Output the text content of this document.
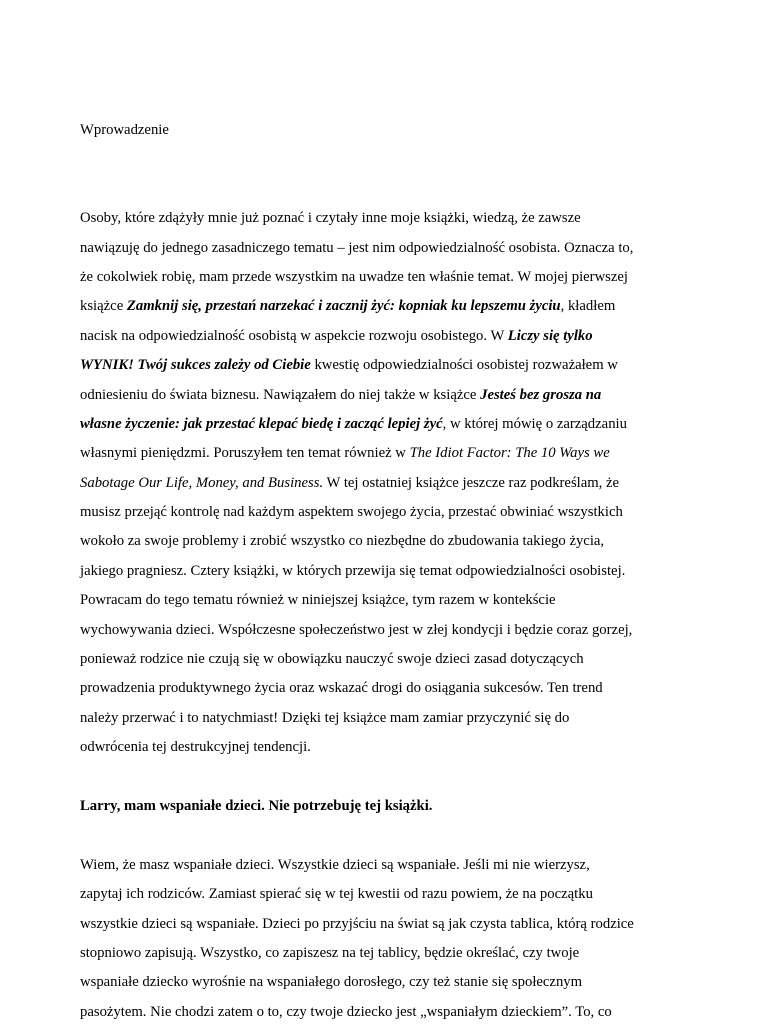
Wprowadzenie
Osoby, które zdążyły mnie już poznać i czytały inne moje książki, wiedzą, że zawsze
nawiązuję do jednego zasadniczego tematu – jest nim odpowiedzialność osobista. Oznacza to,
że cokolwiek robię, mam przede wszystkim na uwadze ten właśnie temat. W mojej pierwszej
książce Zamknij się, przestań narzekać i zacznij żyć: kopniak ku lepszemu życiu, kładłem
nacisk na odpowiedzialność osobistą w aspekcie rozwoju osobistego. W Liczy się tylko
WYNIK! Twój sukces zależy od Ciebie kwestię odpowiedzialności osobistej rozważałem w
odniesieniu do świata biznesu. Nawiązałem do niej także w książce Jesteś bez grosza na
własne życzenie: jak przestać klepać biedę i zacząć lepiej żyć, w której mówię o zarządzaniu
własnymi pieniędzmi. Poruszyłem ten temat również w The Idiot Factor: The 10 Ways we
Sabotage Our Life, Money, and Business. W tej ostatniej książce jeszcze raz podkreślam, że
musisz przejąć kontrolę nad każdym aspektem swojego życia, przestać obwiniać wszystkich
wokoło za swoje problemy i zrobić wszystko co niezbędne do zbudowania takiego życia,
jakiego pragniesz. Cztery książki, w których przewija się temat odpowiedzialności osobistej.
Powracam do tego tematu również w niniejszej książce, tym razem w kontekście
wychowywania dzieci. Współczesne społeczeństwo jest w złej kondycji i będzie coraz gorzej,
ponieważ rodzice nie czują się w obowiązku nauczyć swoje dzieci zasad dotyczących
prowadzenia produktywnego życia oraz wskazać drogi do osiągania sukcesów. Ten trend
należy przerwać i to natychmiast! Dzięki tej książce mam zamiar przyczynić się do
odwrócenia tej destrukcyjnej tendencji.
Larry, mam wspaniałe dzieci. Nie potrzebuję tej książki.
Wiem, że masz wspaniałe dzieci. Wszystkie dzieci są wspaniałe. Jeśli mi nie wierzysz,
zapytaj ich rodziców. Zamiast spierać się w tej kwestii od razu powiem, że na początku
wszystkie dzieci są wspaniałe. Dzieci po przyjściu na świat są jak czysta tablica, którą rodzice
stopniowo zapisują. Wszystko, co zapiszesz na tej tablicy, będzie określać, czy twoje
wspaniałe dziecko wyrośnie na wspaniałego dorosłego, czy też stanie się społecznym
pasożytem. Nie chodzi zatem o to, czy twoje dziecko jest „wspaniałym dzieckiem”. To, co
